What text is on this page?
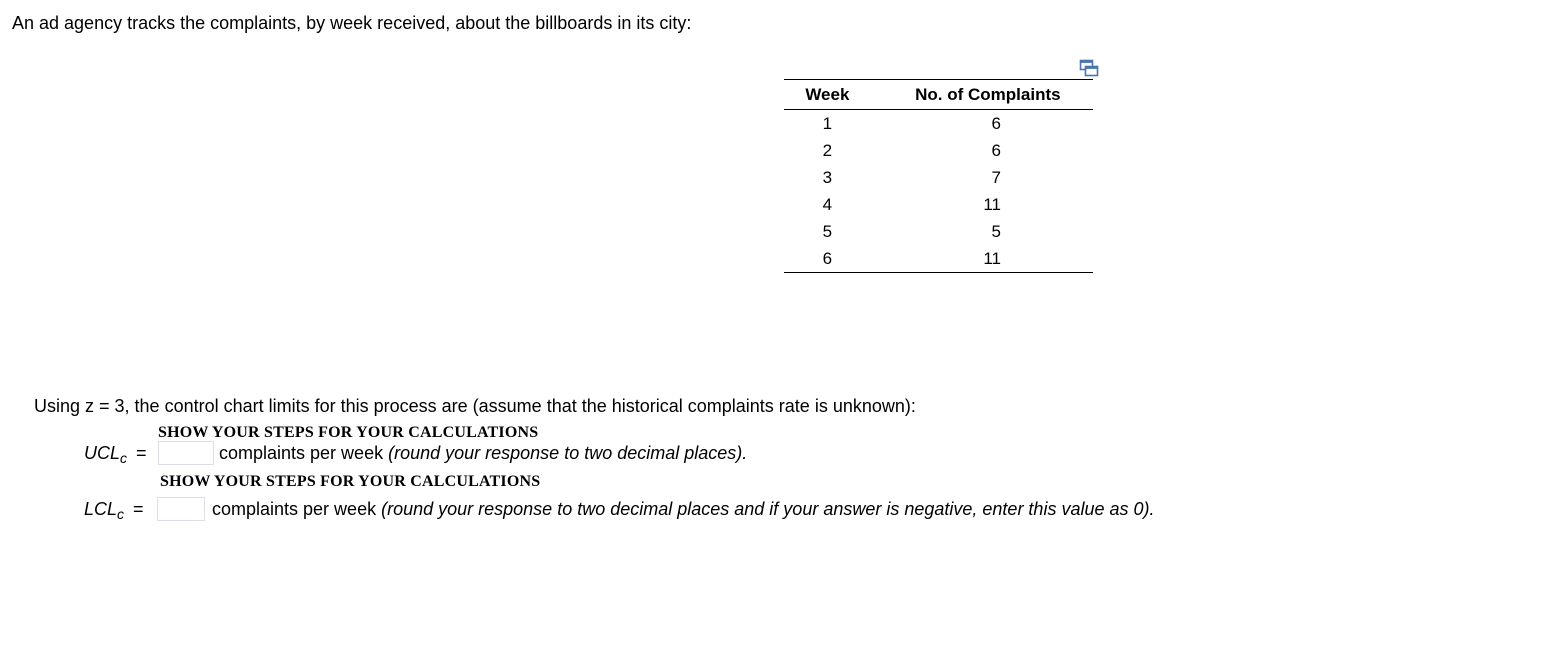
An ad agency tracks the complaints, by week received, about the billboards in its city:
Week	No. of Complaints
1	6
2	6
3	7
4	11
5	5
6	11
Using z = 3, the control chart limits for this process are (assume that the historical complaints rate is unknown):
SHOW YOUR STEPS FOR YOUR CALCULATIONS
$UCL_c$ =	complaints per week (round your response to two decimal places).
SHOW YOUR STEPS FOR YOUR CALCULATIONS
$LCL_c$ =	complaints per week (round your response to two decimal places and if your answer is negative, enter this value as 0).
